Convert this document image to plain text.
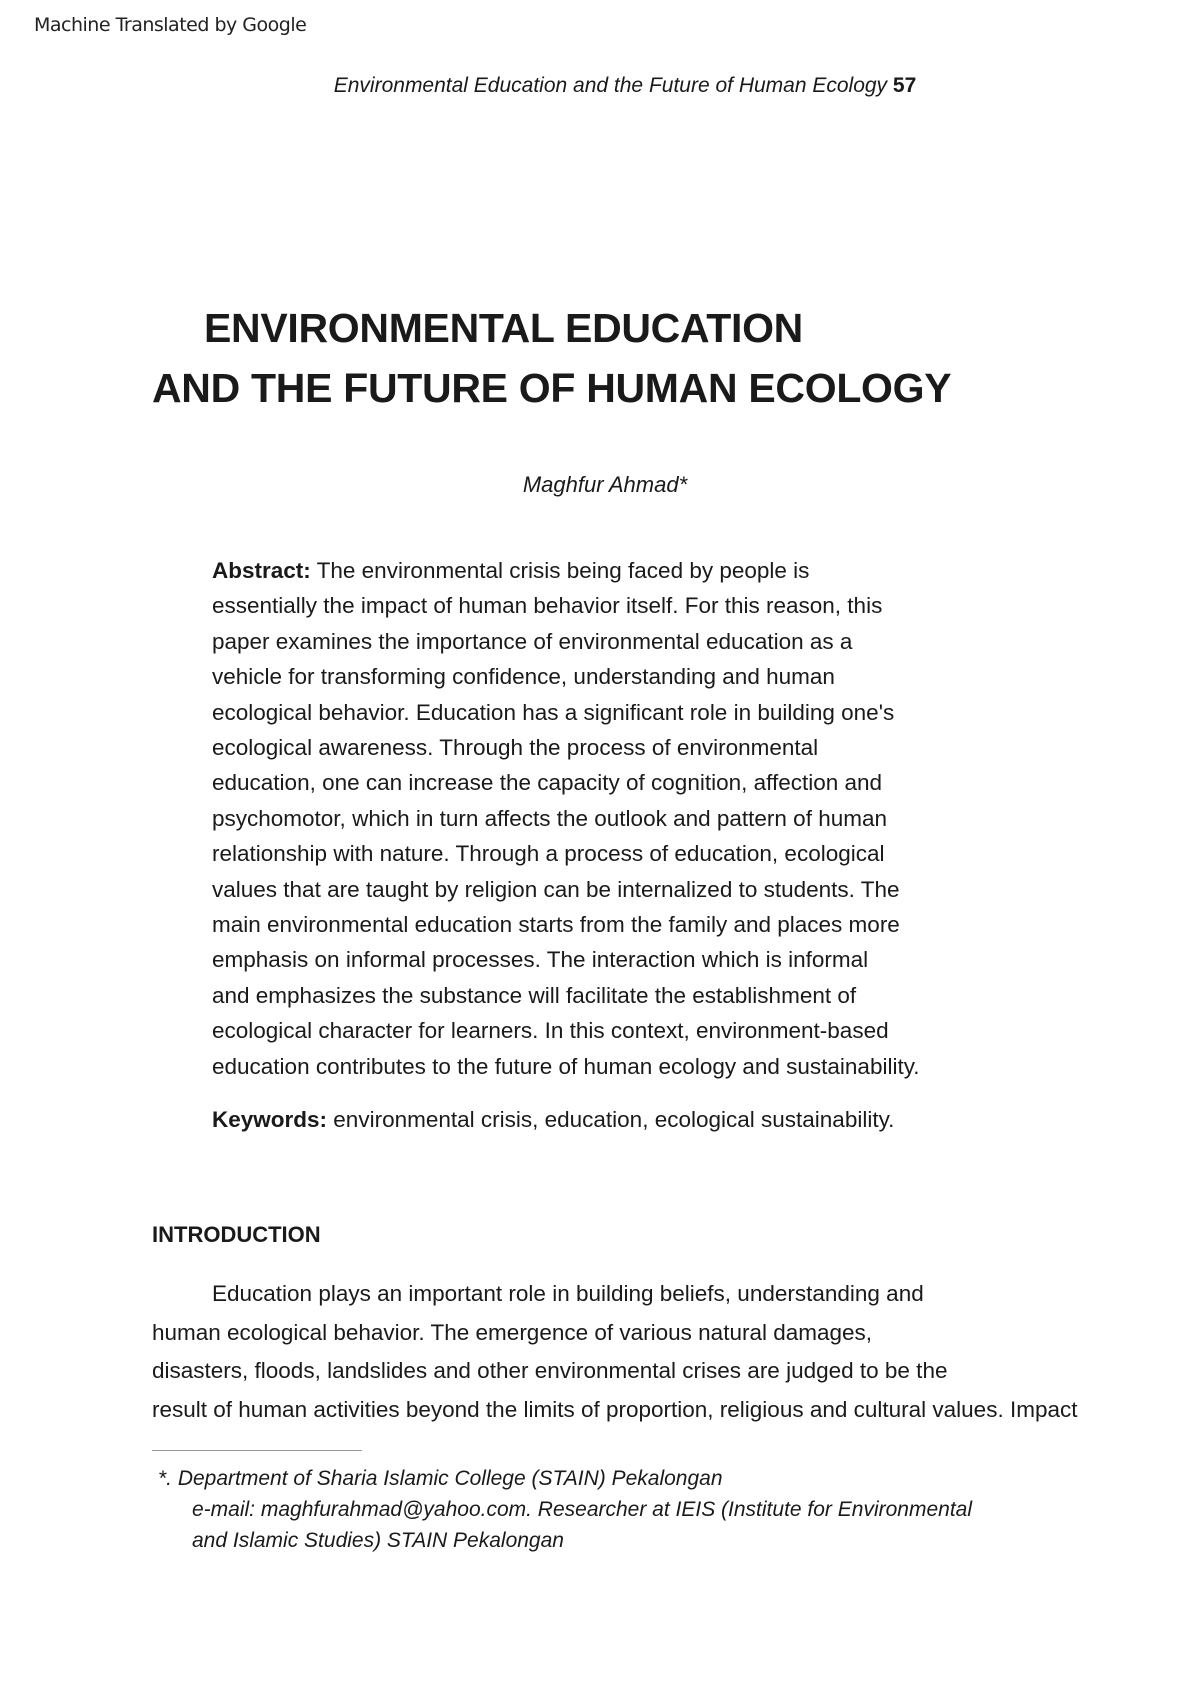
Machine Translated by Google
Environmental Education and the Future of Human Ecology 57
ENVIRONMENTAL EDUCATION
AND THE FUTURE OF HUMAN ECOLOGY
Maghfur Ahmad*
Abstract: The environmental crisis being faced by people is
essentially the impact of human behavior itself. For this reason, this
paper examines the importance of environmental education as a
vehicle for transforming confidence, understanding and human
ecological behavior. Education has a significant role in building one's
ecological awareness. Through the process of environmental
education, one can increase the capacity of cognition, affection and
psychomotor, which in turn affects the outlook and pattern of human
relationship with nature. Through a process of education, ecological
values that are taught by religion can be internalized to students. The
main environmental education starts from the family and places more
emphasis on informal processes. The interaction which is informal
and emphasizes the substance will facilitate the establishment of
ecological character for learners. In this context, environment-based
education contributes to the future of human ecology and sustainability.
Keywords: environmental crisis, education, ecological sustainability.
INTRODUCTION
Education plays an important role in building beliefs, understanding and
human ecological behavior. The emergence of various natural damages,
disasters, floods, landslides and other environmental crises are judged to be the
result of human activities beyond the limits of proportion, religious and cultural values. Impact
*. Department of Sharia Islamic College (STAIN) Pekalongan
e-mail: maghfurahmad@yahoo.com. Researcher at IEIS (Institute for Environmental
and Islamic Studies) STAIN Pekalongan
